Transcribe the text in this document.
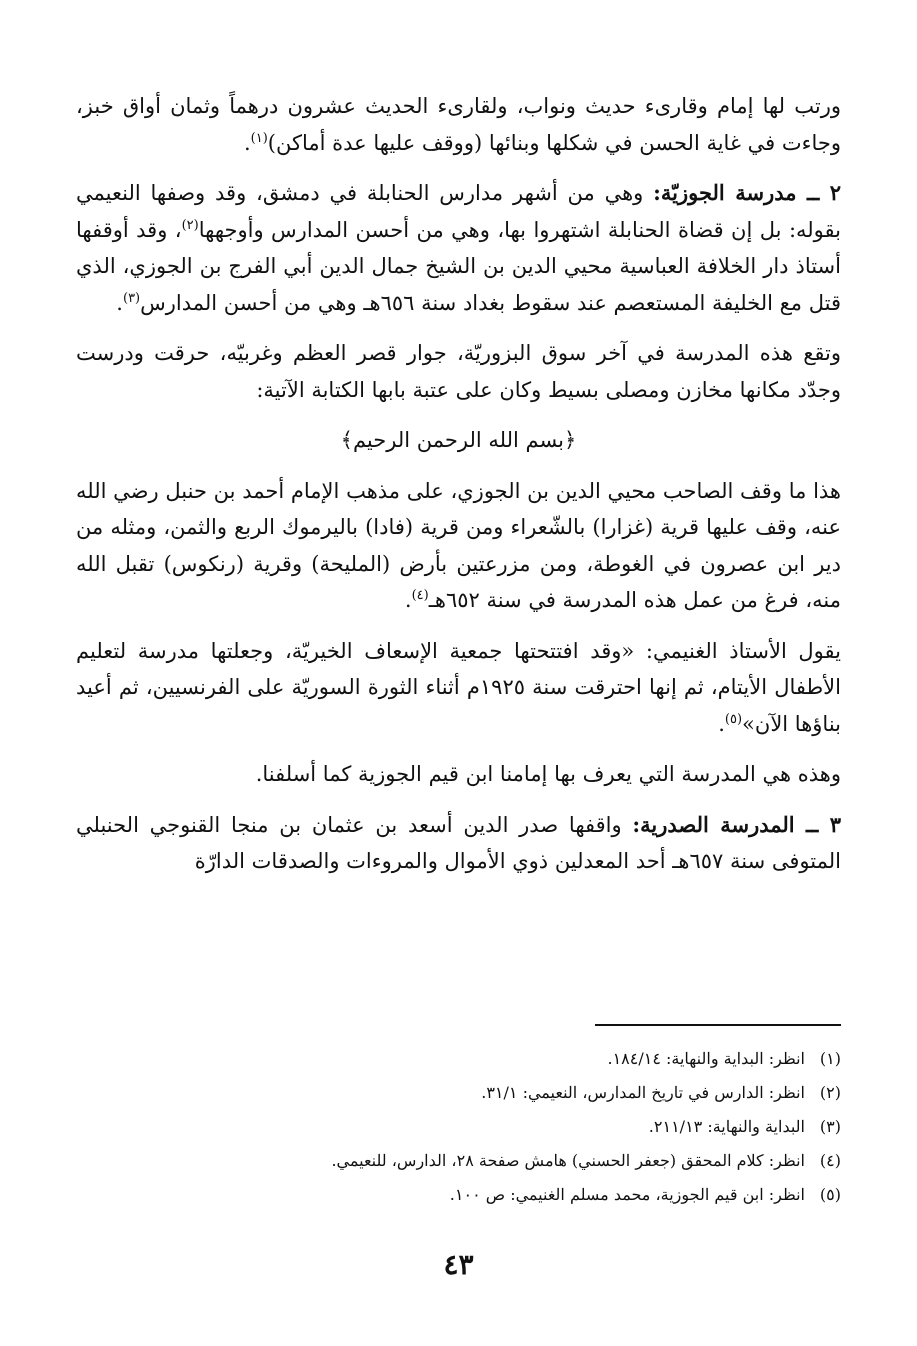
ورتب لها إمام وقارىء حديث ونواب، ولقارىء الحديث عشرون درهماً وثمان أواق خبز، وجاءت في غاية الحسن في شكلها وبنائها (ووقف عليها عدة أماكن)$^{(١)}$.

٢ ــ مدرسة الجوزيّة: وهي من أشهر مدارس الحنابلة في دمشق، وقد وصفها النعيمي بقوله: بل إن قضاة الحنابلة اشتهروا بها، وهي من أحسن المدارس وأوجهها$^{(٢)}$، وقد أوقفها أستاذ دار الخلافة العباسية محيي الدين بن الشيخ جمال الدين أبي الفرج بن الجوزي، الذي قتل مع الخليفة المستعصم عند سقوط بغداد سنة ٦٥٦هـ وهي من أحسن المدارس$^{(٣)}$.

وتقع هذه المدرسة في آخر سوق البزوريّة، جوار قصر العظم وغربيّه، حرقت ودرست وجدّد مكانها مخازن ومصلى بسيط وكان على عتبة بابها الكتابة الآتية:

﴿بسم الله الرحمن الرحيم﴾

هذا ما وقف الصاحب محيي الدين بن الجوزي، على مذهب الإمام أحمد بن حنبل رضي الله عنه، وقف عليها قرية (غزارا) بالشّعراء ومن قرية (فادا) باليرموك الربع والثمن، ومثله من دير ابن عصرون في الغوطة، ومن مزرعتين بأرض (المليحة) وقرية (رنكوس) تقبل الله منه، فرغ من عمل هذه المدرسة في سنة ٦٥٢هـ$^{(٤)}$.

يقول الأستاذ الغنيمي: «وقد افتتحتها جمعية الإسعاف الخيريّة، وجعلتها مدرسة لتعليم الأطفال الأيتام، ثم إنها احترقت سنة ١٩٢٥م أثناء الثورة السوريّة على الفرنسيين، ثم أعيد بناؤها الآن»$^{(٥)}$.

وهذه هي المدرسة التي يعرف بها إمامنا ابن قيم الجوزية كما أسلفنا.

٣ ــ المدرسة الصدرية: واقفها صدر الدين أسعد بن عثمان بن منجا القنوجي الحنبلي المتوفى سنة ٦٥٧هـ أحد المعدلين ذوي الأموال والمروءات والصدقات الدارّة

(١)انظر: البداية والنهاية: ١٨٤/١٤.
(٢)انظر: الدارس في تاريخ المدارس، النعيمي: ٣١/١.
(٣)البداية والنهاية: ٢١١/١٣.
(٤)انظر: كلام المحقق (جعفر الحسني) هامش صفحة ٢٨، الدارس، للنعيمي.
(٥)انظر: ابن قيم الجوزية، محمد مسلم الغنيمي: ص ١٠٠.
٤٣
